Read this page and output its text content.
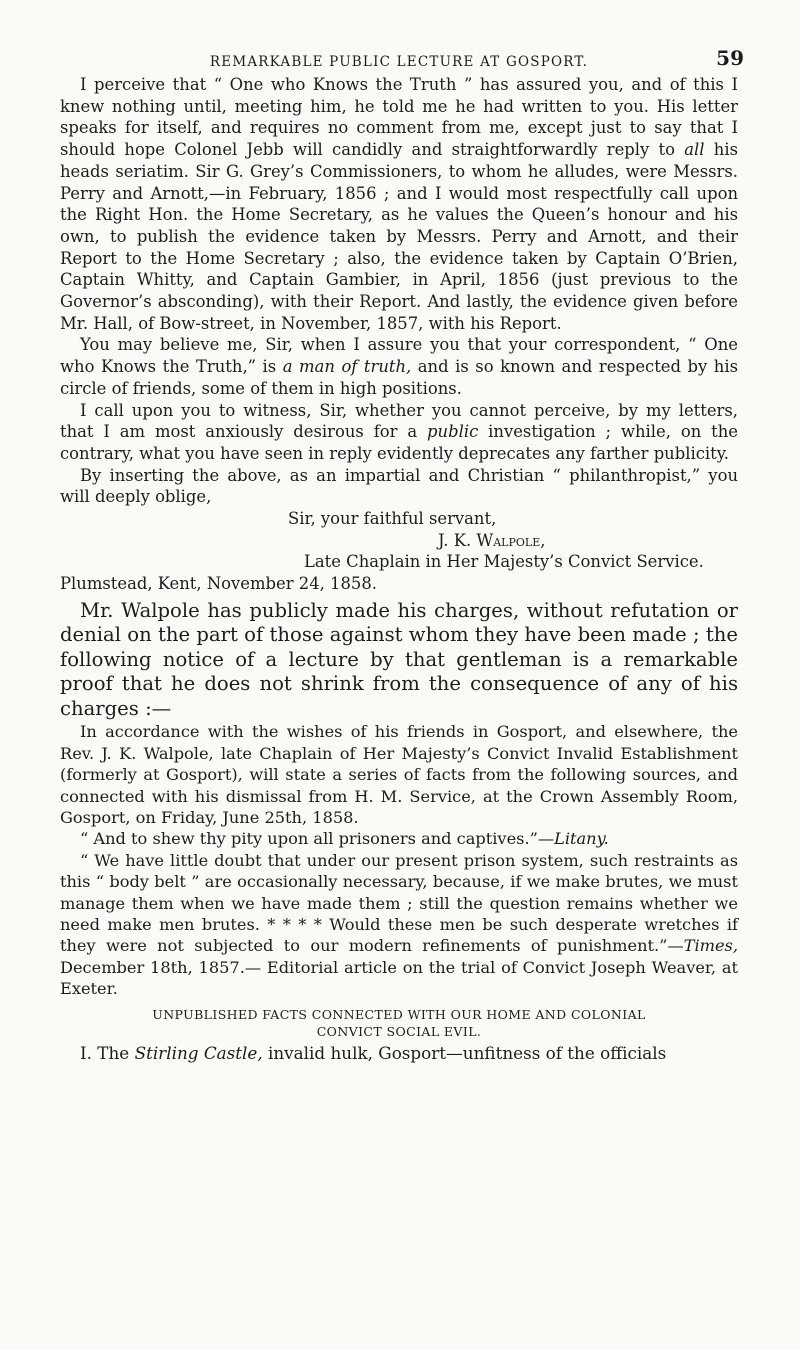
REMARKABLE PUBLIC LECTURE AT GOSPORT.	59

I perceive that “ One who Knows the Truth ” has assured you, and of this I knew nothing until, meeting him, he told me he had written to you. His letter speaks for itself, and requires no comment from me, except just to say that I should hope Colonel Jebb will candidly and straightforwardly reply to all his heads seriatim. Sir G. Grey’s Commissioners, to whom he alludes, were Messrs. Perry and Arnott,—in February, 1856 ; and I would most respectfully call upon the Right Hon. the Home Secretary, as he values the Queen’s honour and his own, to publish the evidence taken by Messrs. Perry and Arnott, and their Report to the Home Secretary ; also, the evidence taken by Captain O’Brien, Captain Whitty, and Captain Gambier, in April, 1856 (just previous to the Governor’s absconding), with their Report. And lastly, the evidence given before Mr. Hall, of Bow-street, in November, 1857, with his Report.

You may believe me, Sir, when I assure you that your correspondent, “ One who Knows the Truth,” is a man of truth, and is so known and respected by his circle of friends, some of them in high positions.

I call upon you to witness, Sir, whether you cannot perceive, by my letters, that I am most anxiously desirous for a public investigation ; while, on the contrary, what you have seen in reply evidently deprecates any farther publicity.

By inserting the above, as an impartial and Christian “ philanthropist,” you will deeply oblige,

Sir, your faithful servant,
J. K. Walpole,
Late Chaplain in Her Majesty’s Convict Service.
Plumstead, Kent, November 24, 1858.

Mr. Walpole has publicly made his charges, without refutation or denial on the part of those against whom they have been made ; the following notice of a lecture by that gentleman is a remarkable proof that he does not shrink from the consequence of any of his charges :—

In accordance with the wishes of his friends in Gosport, and elsewhere, the Rev. J. K. Walpole, late Chaplain of Her Majesty’s Convict Invalid Establishment (formerly at Gosport), will state a series of facts from the following sources, and connected with his dismissal from H. M. Service, at the Crown Assembly Room, Gosport, on Friday, June 25th, 1858.

“ And to shew thy pity upon all prisoners and captives.”—Litany.

“ We have little doubt that under our present prison system, such restraints as this “ body belt ” are occasionally necessary, because, if we make brutes, we must manage them when we have made them ; still the question remains whether we need make men brutes. * * * * Would these men be such desperate wretches if they were not subjected to our modern refinements of punishment.”—Times, December 18th, 1857.— Editorial article on the trial of Convict Joseph Weaver, at Exeter.

UNPUBLISHED FACTS CONNECTED WITH OUR HOME AND COLONIAL
CONVICT SOCIAL EVIL.

I. The Stirling Castle, invalid hulk, Gosport—unfitness of the officials
